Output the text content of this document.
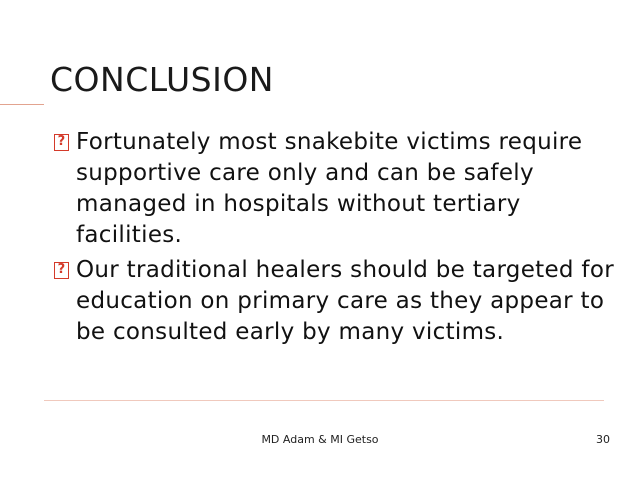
CONCLUSION
? Fortunately most snakebite victims require supportive care only and can be safely managed in hospitals without tertiary facilities.
? Our traditional healers should be targeted for education on primary care as they appear to be consulted early by many victims.
MD Adam & MI Getso	30
